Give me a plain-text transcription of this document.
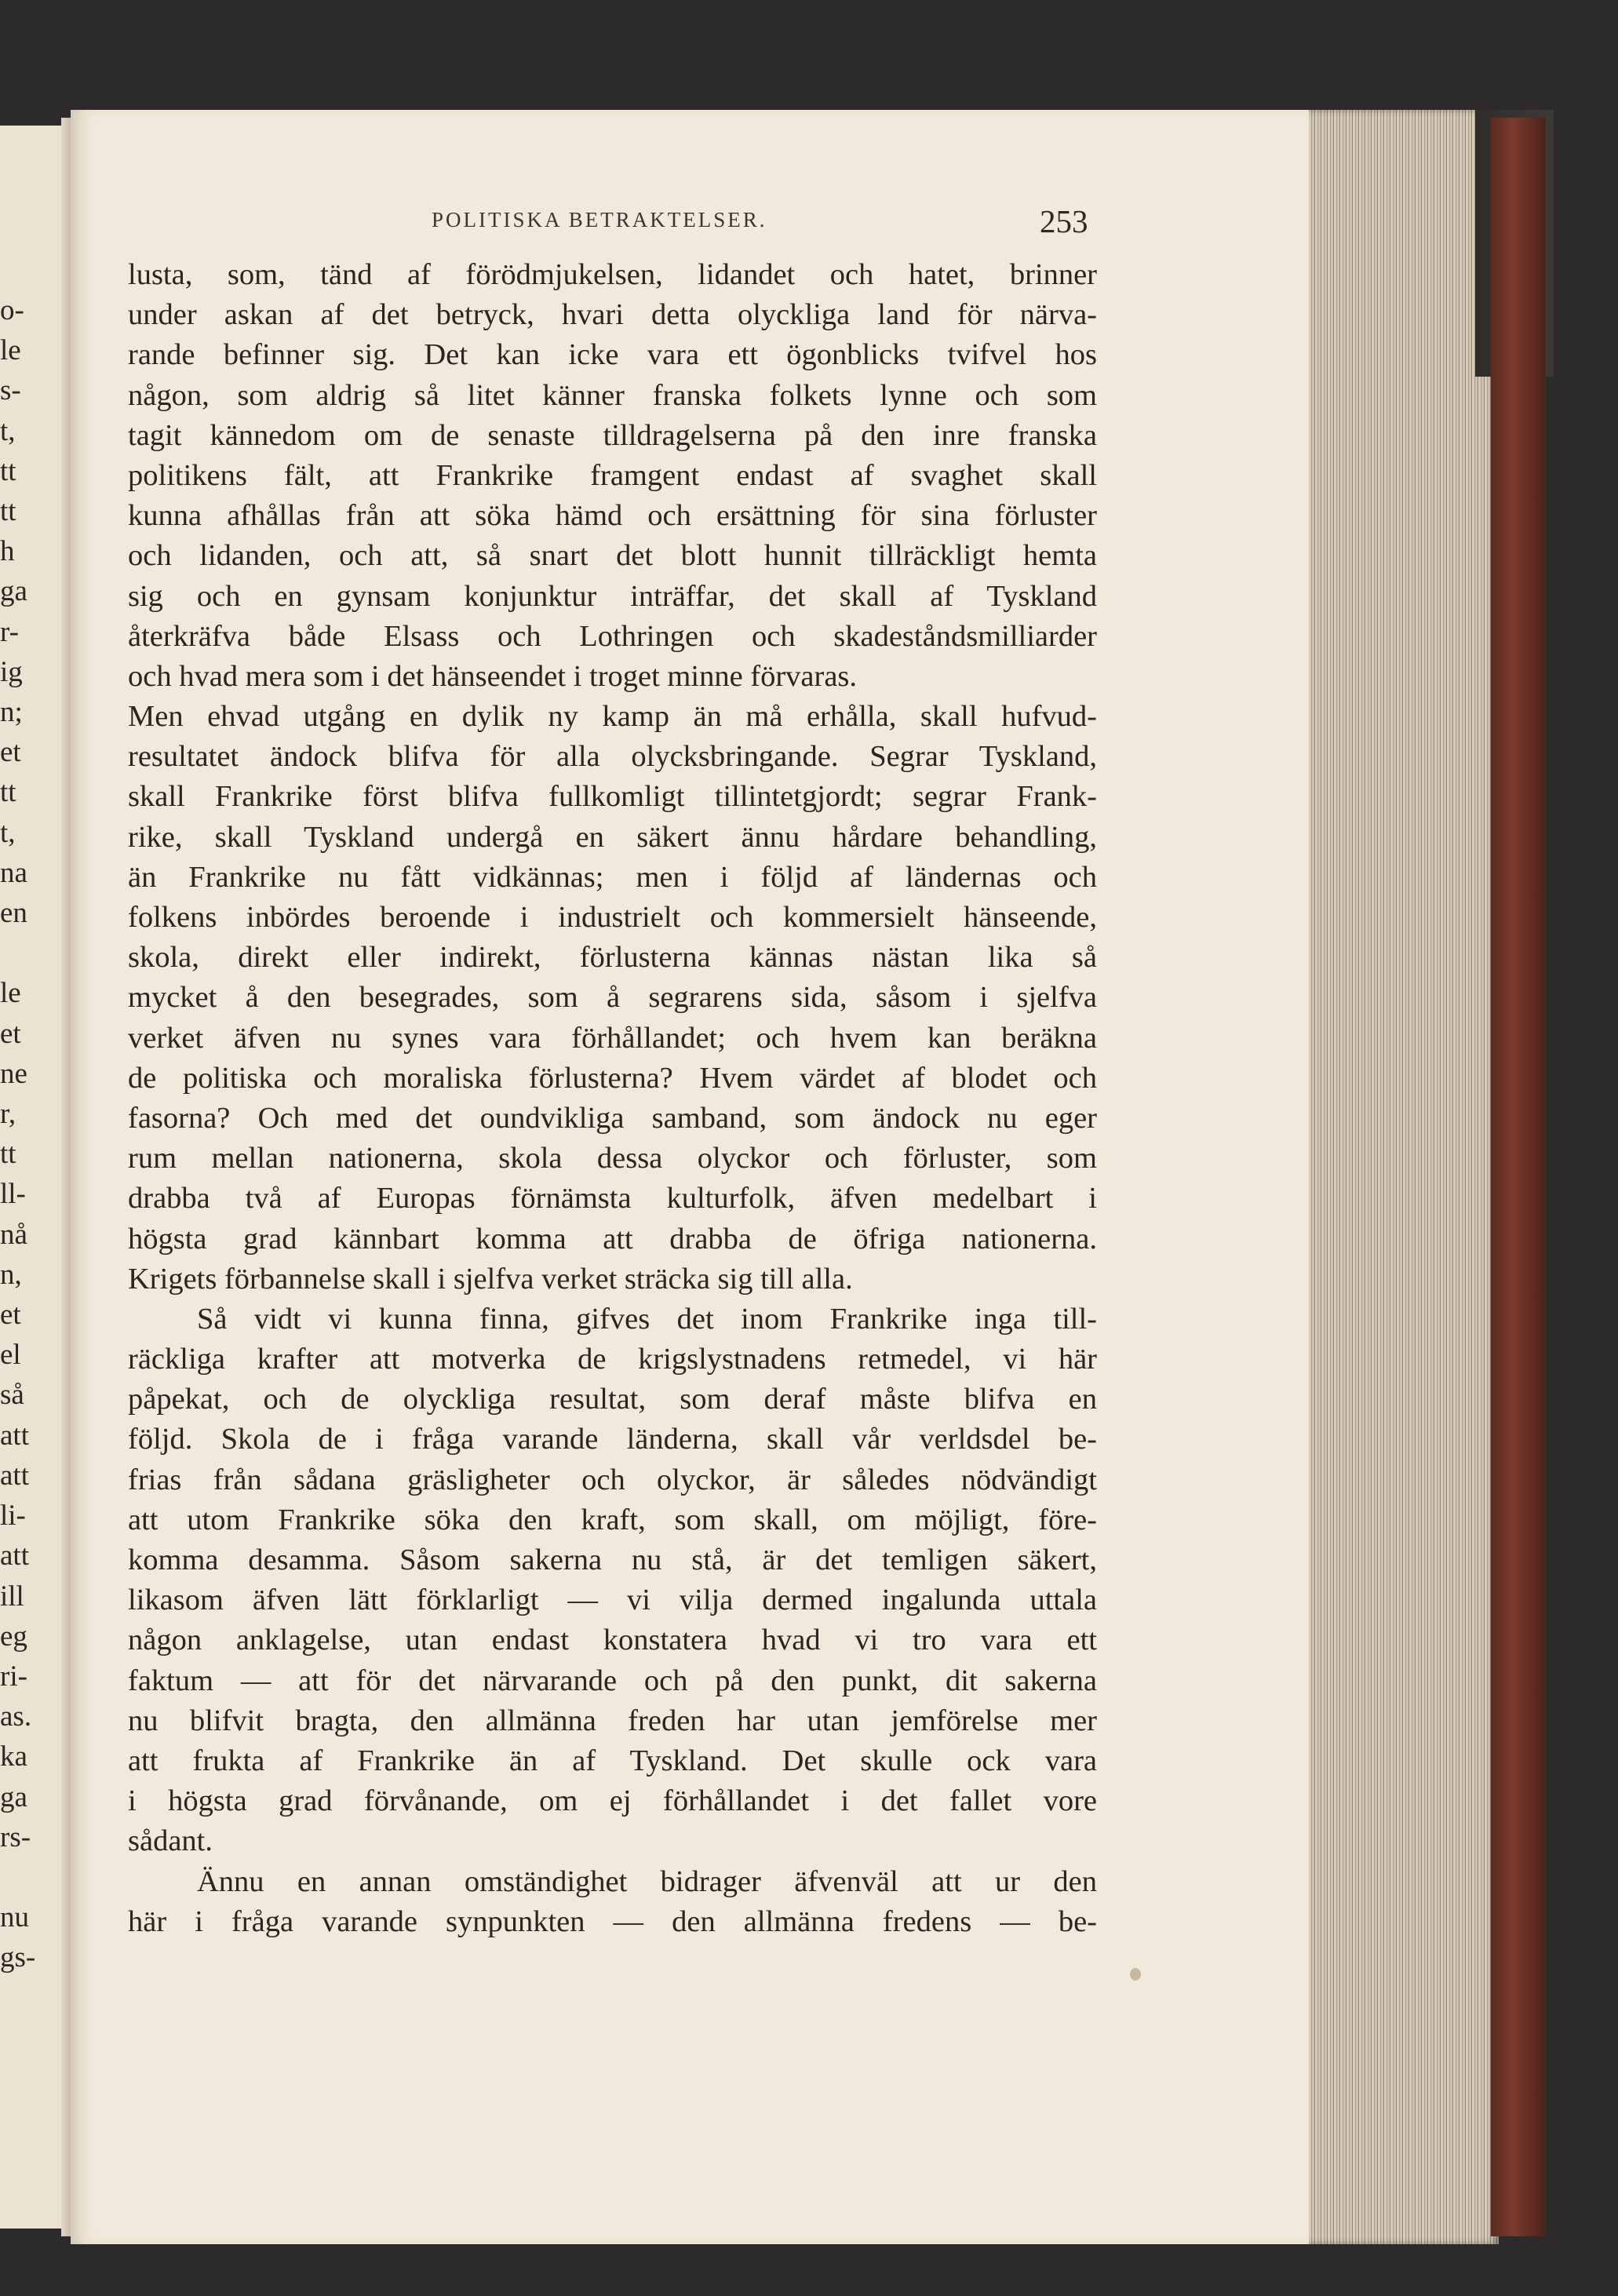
o-
le
s-
t,
tt
tt
h
ga
r-
ig
n;
et
tt
t,
na
en

le
et
ne
r,
tt
ll-
nå
n,
et
el
så
att
att
li-
att
ill
eg
ri-
as.
ka
ga
rs-

nu
gs-
POLITISKA BETRAKTELSER.	253
lusta, som, tänd af förödmjukelsen, lidandet och hatet, brinner
under askan af det betryck, hvari detta olyckliga land för närva-
rande befinner sig. Det kan icke vara ett ögonblicks tvifvel hos
någon, som aldrig så litet känner franska folkets lynne och som
tagit kännedom om de senaste tilldragelserna på den inre franska
politikens fält, att Frankrike framgent endast af svaghet skall
kunna afhållas från att söka hämd och ersättning för sina förluster
och lidanden, och att, så snart det blott hunnit tillräckligt hemta
sig och en gynsam konjunktur inträffar, det skall af Tyskland
återkräfva både Elsass och Lothringen och skadeståndsmilliarder
och hvad mera som i det hänseendet i troget minne förvaras.
Men ehvad utgång en dylik ny kamp än må erhålla, skall hufvud-
resultatet ändock blifva för alla olycksbringande. Segrar Tyskland,
skall Frankrike först blifva fullkomligt tillintetgjordt; segrar Frank-
rike, skall Tyskland undergå en säkert ännu hårdare behandling,
än Frankrike nu fått vidkännas; men i följd af ländernas och
folkens inbördes beroende i industrielt och kommersielt hänseende,
skola, direkt eller indirekt, förlusterna kännas nästan lika så
mycket å den besegrades, som å segrarens sida, såsom i sjelfva
verket äfven nu synes vara förhållandet; och hvem kan beräkna
de politiska och moraliska förlusterna? Hvem värdet af blodet och
fasorna? Och med det oundvikliga samband, som ändock nu eger
rum mellan nationerna, skola dessa olyckor och förluster, som
drabba två af Europas förnämsta kulturfolk, äfven medelbart i
högsta grad kännbart komma att drabba de öfriga nationerna.
Krigets förbannelse skall i sjelfva verket sträcka sig till alla.
Så vidt vi kunna finna, gifves det inom Frankrike inga till-
räckliga krafter att motverka de krigslystnadens retmedel, vi här
påpekat, och de olyckliga resultat, som deraf måste blifva en
följd. Skola de i fråga varande länderna, skall vår verldsdel be-
frias från sådana gräsligheter och olyckor, är således nödvändigt
att utom Frankrike söka den kraft, som skall, om möjligt, före-
komma desamma. Såsom sakerna nu stå, är det temligen säkert,
likasom äfven lätt förklarligt — vi vilja dermed ingalunda uttala
någon anklagelse, utan endast konstatera hvad vi tro vara ett
faktum — att för det närvarande och på den punkt, dit sakerna
nu blifvit bragta, den allmänna freden har utan jemförelse mer
att frukta af Frankrike än af Tyskland. Det skulle ock vara
i högsta grad förvånande, om ej förhållandet i det fallet vore
sådant.
Ännu en annan omständighet bidrager äfvenväl att ur den
här i fråga varande synpunkten — den allmänna fredens — be-
